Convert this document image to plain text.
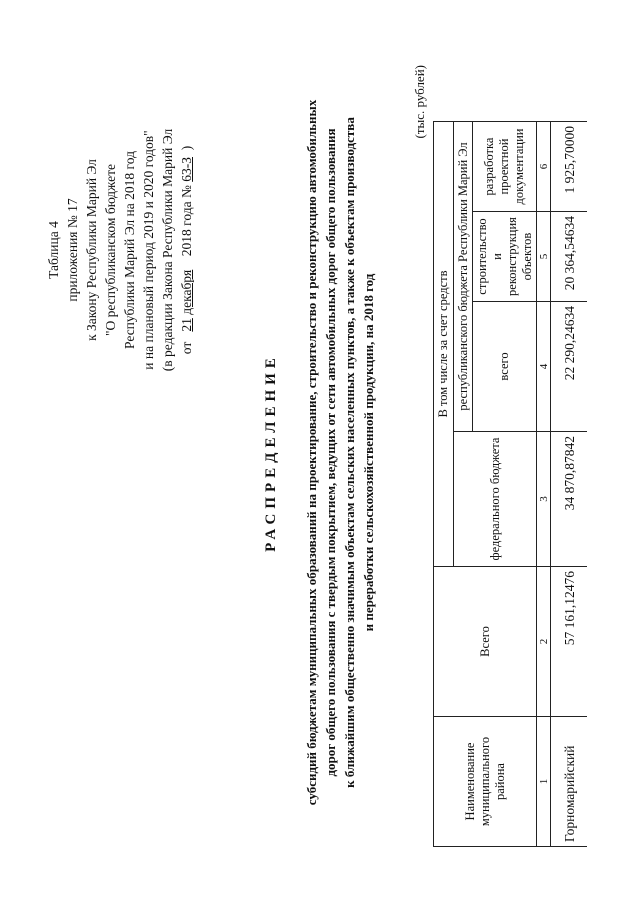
Таблица 4 приложения № 17 к Закону Республики Марий Эл "О республиканском бюджете Республики Марий Эл на 2018 год и на плановый период 2019 и 2020 годов" (в редакции Закона Республики Марий Эл от   21 декабря    2018 года № 63-З  )
РАСПРЕДЕЛЕНИЕ субсидий бюджетам муниципальных образований на проектирование, строительство и реконструкцию автомобильных дорог общего пользования с твердым покрытием, ведущих от сети автомобильных дорог общего пользования к ближайшим общественно значимым объектам сельских населенных пунктов, а также к объектам производства и переработки сельскохозяйственной продукции, на 2018 год
(тыс. рублей)
Наименование муниципального района	Всего	В том числе за счет средств			
		федерального бюджета	республиканского бюджета Республики Марий Эл		
			всего	строительство и реконструкция объектов	разработка проектной документации
1	2	3	4	5	6
Горномарийский	57 161,12476	34 870,87842	22 290,24634	20 364,54634	1 925,70000
